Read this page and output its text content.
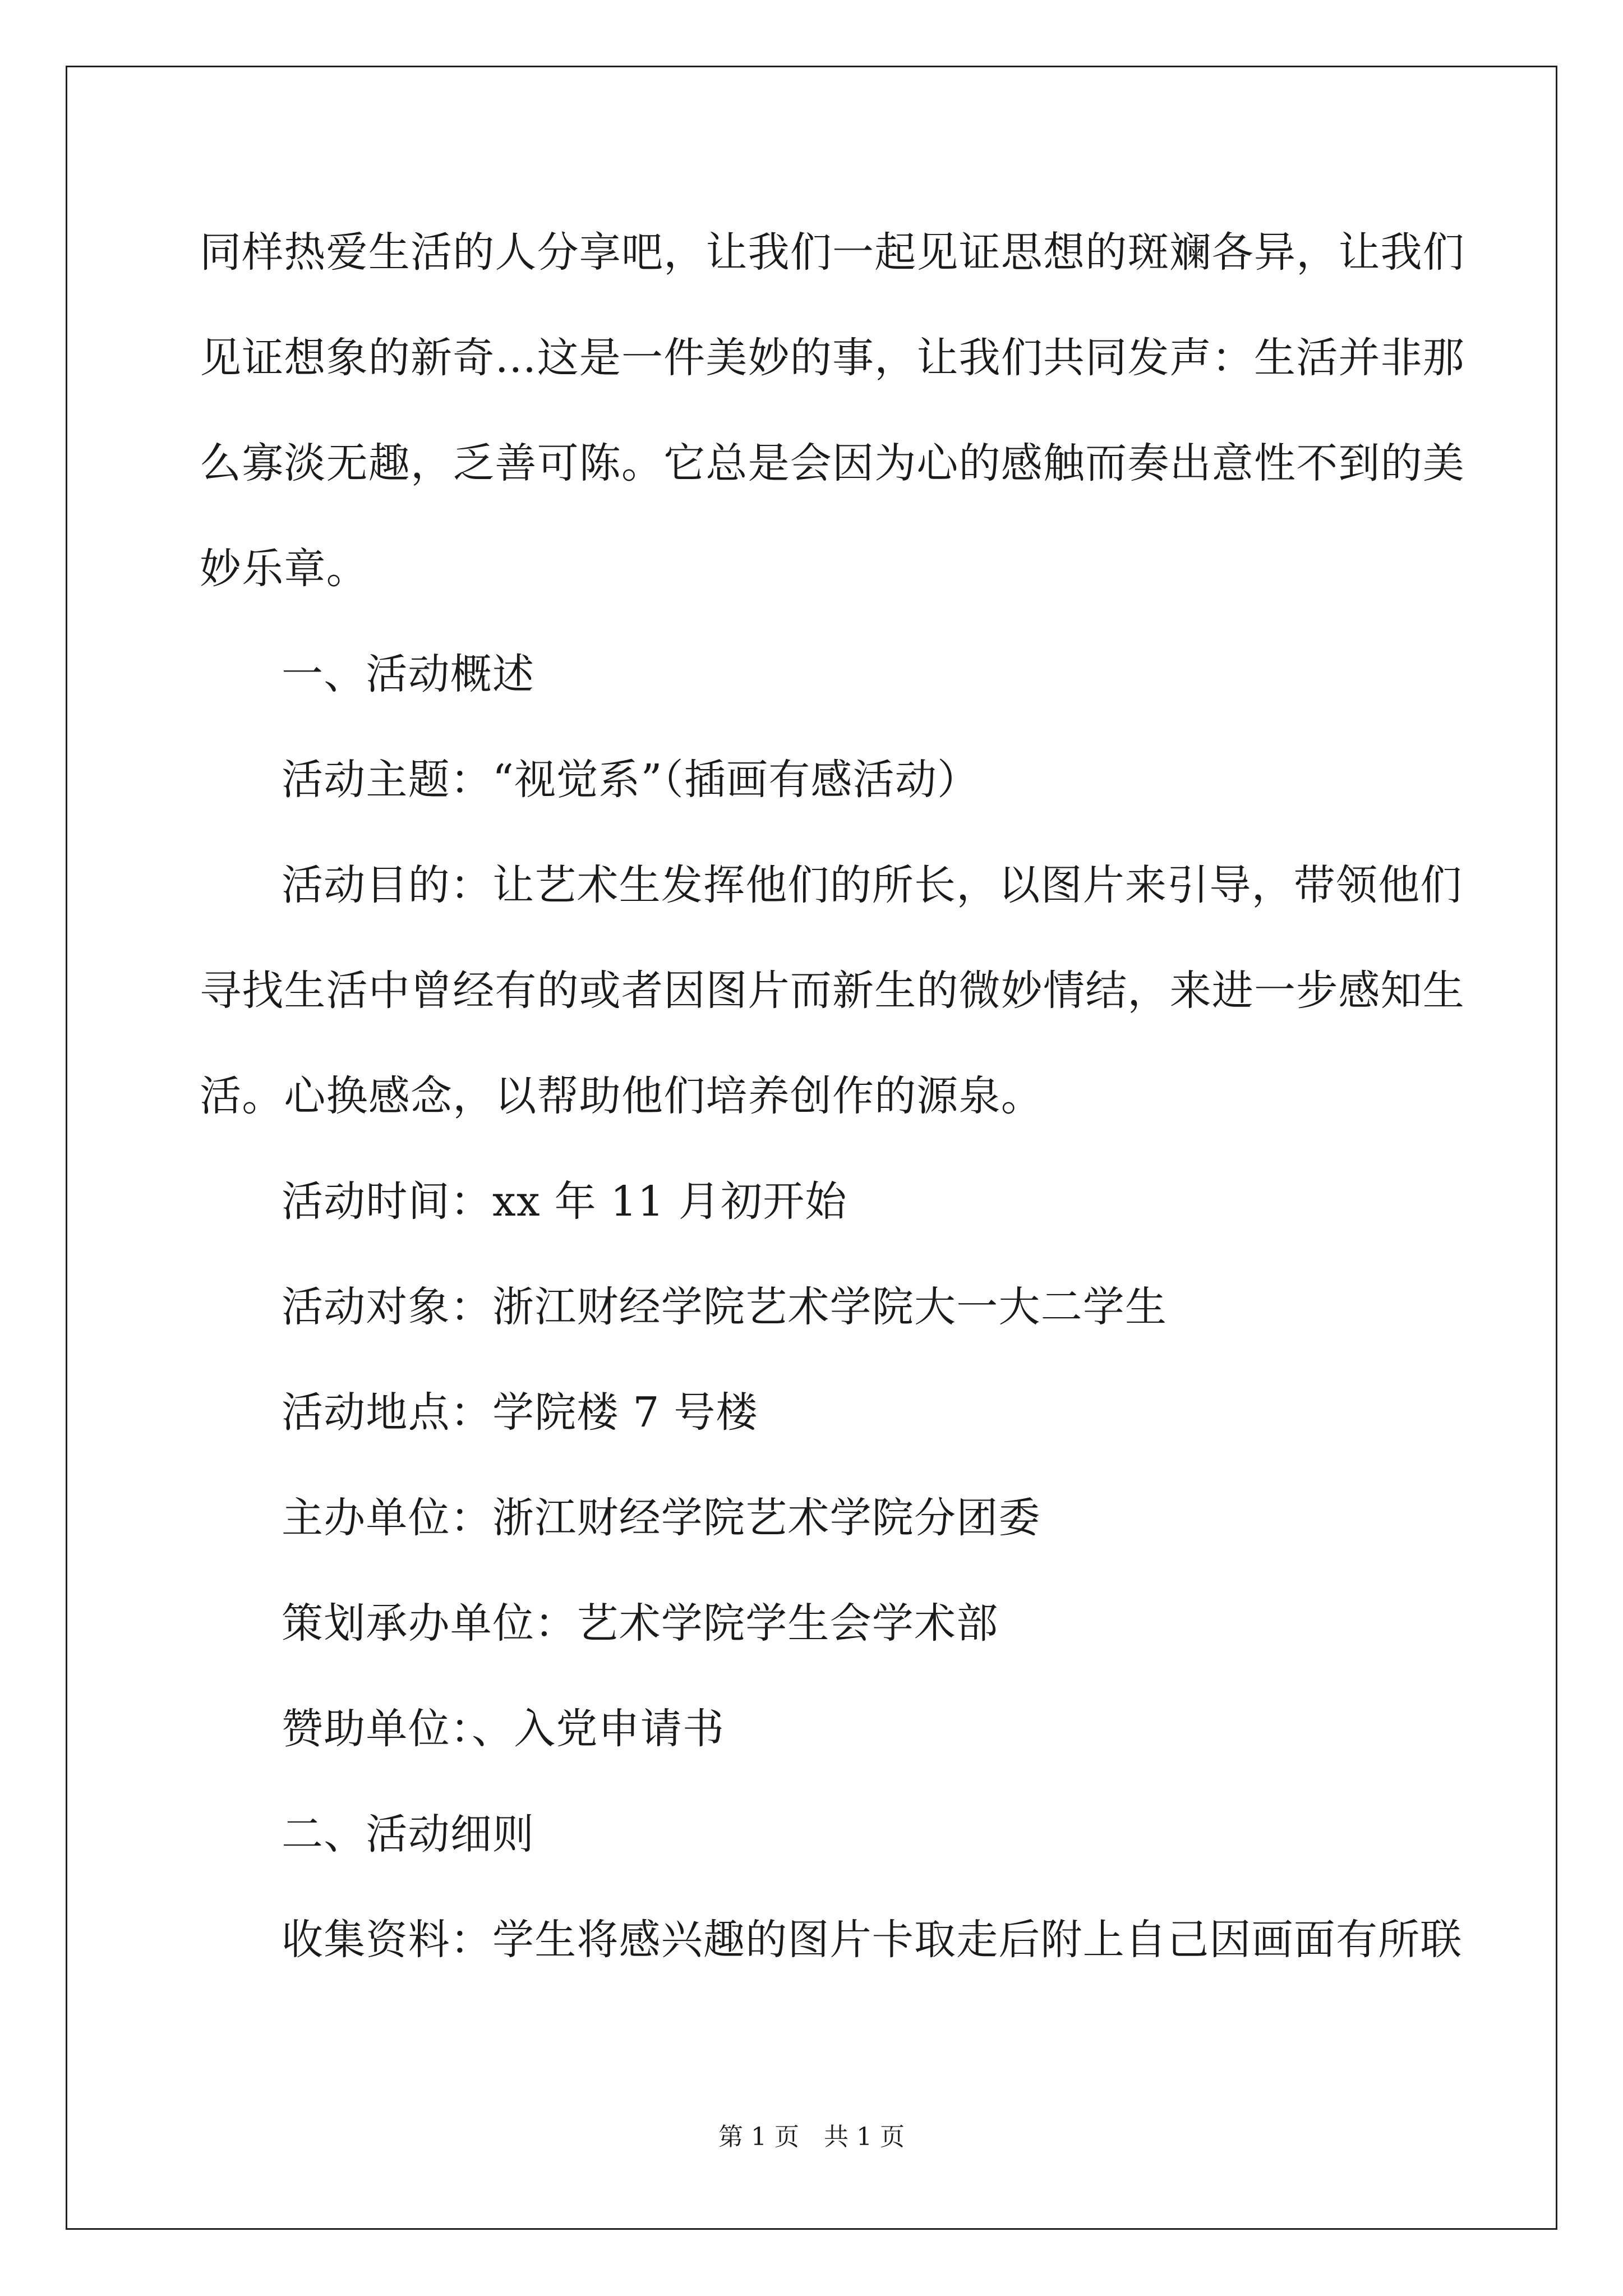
同样热爱生活的人分享吧，让我们一起见证思想的斑斓各异，让我们
见证想象的新奇…这是一件美妙的事，让我们共同发声：生活并非那
么寡淡无趣，乏善可陈。它总是会因为心的感触而奏出意性不到的美
妙乐章。
一、活动概述
活动主题：“视觉系”（插画有感活动）
活动目的：让艺术生发挥他们的所长，以图片来引导，带领他们
寻找生活中曾经有的或者因图片而新生的微妙情结，来进一步感知生
活。心换感念，以帮助他们培养创作的源泉。
活动时间：xx 年 11 月初开始
活动对象：浙江财经学院艺术学院大一大二学生
活动地点：学院楼 7 号楼
主办单位：浙江财经学院艺术学院分团委
策划承办单位：艺术学院学生会学术部
赞助单位：、入党申请书
二、活动细则
收集资料：学生将感兴趣的图片卡取走后附上自己因画面有所联
第 1 页　共 1 页
